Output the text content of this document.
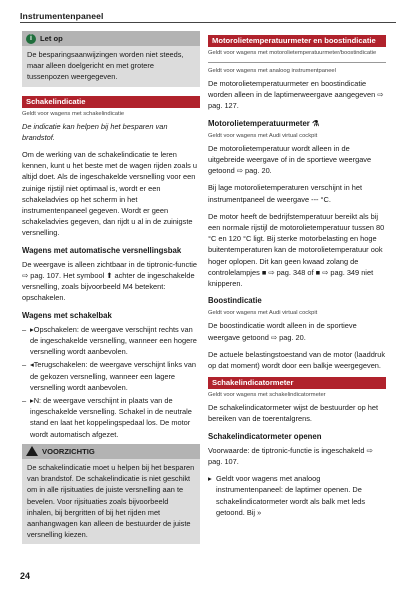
Instrumentenpaneel
i	Let op
De besparingsaanwijzingen worden niet steeds, maar alleen doelgericht en met grotere tussenpozen weergegeven.
Schakelindicatie

Geldt voor wagens met schakelindicatie

De indicatie kan helpen bij het besparen van brandstof.

Om de werking van de schakelindicatie te leren kennen, kunt u het beste met de wagen rijden zoals u altijd doet. Als de ingeschakelde versnelling voor een zuinige rijstijl niet optimaal is, wordt er een schakeladvies op het scherm in het instrumentenpaneel gegeven. Wordt er geen schakeladvies gegeven, dan rijdt u al in de zuinigste versnelling.

Wagens met automatische versnellingsbak

De weergave is alleen zichtbaar in de tiptronic-functie ⇨ pag. 107. Het symbool ⬆ achter de ingeschakelde versnelling, zoals bijvoorbeeld M4 betekent: opschakelen.

Wagens met schakelbak
– ▸Opschakelen: de weergave verschijnt rechts van de ingeschakelde versnelling, wanneer een hogere versnelling wordt aanbevolen.
– ◂Terugschakelen: de weergave verschijnt links van de gekozen versnelling, wanneer een lagere versnelling wordt aanbevolen.
– ▸N: de weergave verschijnt in plaats van de ingeschakelde versnelling. Schakel in de neutrale stand en laat het koppelingspedaal los. De motor wordt automatisch afgezet.
VOORZICHTIG
De schakelindicatie moet u helpen bij het besparen van brandstof. De schakelindicatie is niet geschikt om in alle rijsituaties de juiste versnelling aan te bevelen. Voor rijsituaties zoals bijvoorbeeld inhalen, bij bergritten of bij het rijden met aanhangwagen kan alleen de bestuurder de juiste versnelling kiezen.
Motorolietemperatuurmeter en boostindicatie

Geldt voor wagens met motorolietemperatuurmeter/boostindicatie

Geldt voor wagens met analoog instrumentpaneel

De motorolietemperatuurmeter en boostindicatie worden alleen in de laptimerweergave aangegeven ⇨ pag. 127.

Motorolietemperatuurmeter ⚗

Geldt voor wagens met Audi virtual cockpit

De motorolietemperatuur wordt alleen in de uitgebreide weergave of in de sportieve weergave getoond ⇨ pag. 20.

Bij lage motorolietemperaturen verschijnt in het instrumentpaneel de weergave --- °C.

De motor heeft de bedrijfstemperatuur bereikt als bij een normale rijstijl de motorolietemperatuur tussen 80 °C en 120 °C ligt. Bij sterke motorbelasting en hoge buitentemperaturen kan de motorolietemperatuur ook hoger oplopen. Dit kan geen kwaad zolang de controlelampjes ■ ⇨ pag. 348 of ■ ⇨ pag. 349 niet knipperen.

Boostindicatie

Geldt voor wagens met Audi virtual cockpit

De boostindicatie wordt alleen in de sportieve weergave getoond ⇨ pag. 20.

De actuele belastingstoestand van de motor (laaddruk op dat moment) wordt door een balkje weergegeven.

Schakelindicatormeter

Geldt voor wagens met schakelindicatormeter

De schakelindicatormeter wijst de bestuurder op het bereiken van de toerentalgrens.

Schakelindicatormeter openen

Voorwaarde: de tiptronic-functie is ingeschakeld ⇨ pag. 107.

▸ Geldt voor wagens met analoog instrumentenpaneel: de laptimer openen. De schakelindicatormeter wordt als balk met leds getoond. Bij »
24
